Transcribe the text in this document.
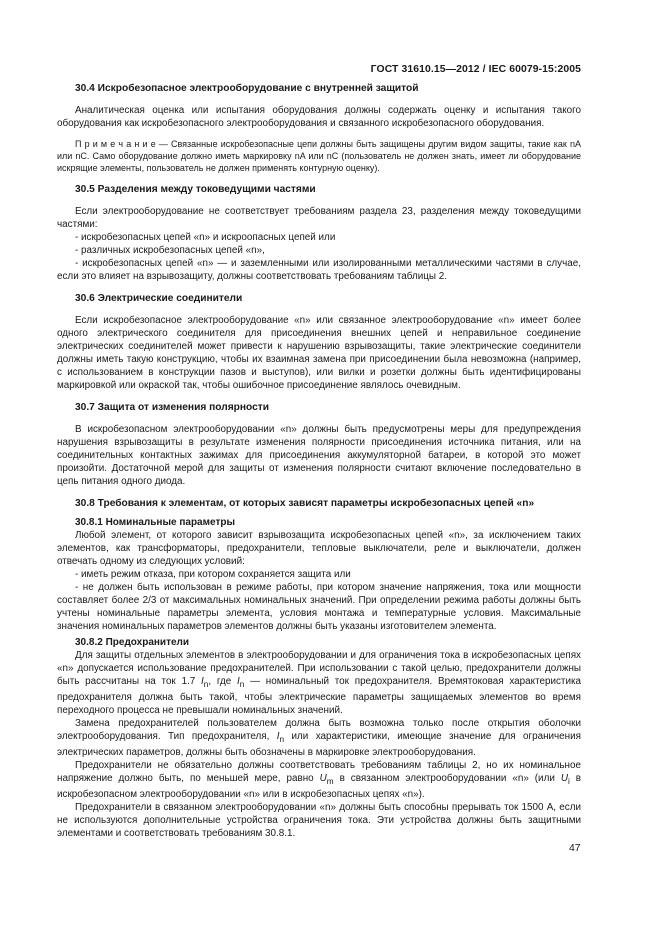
ГОСТ 31610.15—2012 / IEC 60079-15:2005
30.4 Искробезопасное электрооборудование с внутренней защитой

Аналитическая оценка или испытания оборудования должны содержать оценку и испытания такого оборудования как искробезопасного электрооборудования и связанного искробезопасного оборудования.

П р и м е ч а н и е — Связанные искробезопасные цепи должны быть защищены другим видом защиты, такие как nA или nC. Само оборудование должно иметь маркировку nA или nC (пользователь не должен знать, имеет ли оборудование искрящие элементы, пользователь не должен применять контурную оценку).

30.5 Разделения между токоведущими частями

Если электрооборудование не соответствует требованиям раздела 23, разделения между токоведущими частями:

- искробезопасных цепей «n» и искроопасных цепей или

- различных искробезопасных цепей «n»,

- искробезопасных цепей «n» — и заземленными или изолированными металлическими частями в случае, если это влияет на взрывозащиту, должны соответствовать требованиям таблицы 2.

30.6 Электрические соединители

Если искробезопасное электрооборудование «n» или связанное электрооборудование «n» имеет более одного электрического соединителя для присоединения внешних цепей и неправильное соединение электрических соединителей может привести к нарушению взрывозащиты, такие электрические соединители должны иметь такую конструкцию, чтобы их взаимная замена при присоединении была невозможна (например, с использованием в конструкции пазов и выступов), или вилки и розетки должны быть идентифицированы маркировкой или окраской так, чтобы ошибочное присоединение являлось очевидным.

30.7 Защита от изменения полярности

В искробезопасном электрооборудовании «n» должны быть предусмотрены меры для предупреждения нарушения взрывозащиты в результате изменения полярности присоединения источника питания, или на соединительных контактных зажимах для присоединения аккумуляторной батареи, в которой это может произойти. Достаточной мерой для защиты от изменения полярности считают включение последовательно в цепь питания одного диода.

30.8 Требования к элементам, от которых зависят параметры искробезопасных цепей «n»
30.8.1 Номинальные параметры

Любой элемент, от которого зависит взрывозащита искробезопасных цепей «n», за исключением таких элементов, как трансформаторы, предохранители, тепловые выключатели, реле и выключатели, должен отвечать одному из следующих условий:

- иметь режим отказа, при котором сохраняется защита или

- не должен быть использован в режиме работы, при котором значение напряжения, тока или мощности составляет более 2/3 от максимальных номинальных значений. При определении режима работы должны быть учтены номинальные параметры элемента, условия монтажа и температурные условия. Максимальные значения номинальных параметров элементов должны быть указаны изготовителем элемента.

30.8.2 Предохранители

Для защиты отдельных элементов в электрооборудовании и для ограничения тока в искробезопасных цепях «n» допускается использование предохранителей. При использовании с такой целью, предохранители должны быть рассчитаны на ток 1.7 $I_n$, где $I_n$ — номинальный ток предохранителя. Времятоковая характеристика предохранителя должна быть такой, чтобы электрические параметры защищаемых элементов во время переходного процесса не превышали номинальных значений.

Замена предохранителей пользователем должна быть возможна только после открытия оболочки электрооборудования. Тип предохранителя, $I_n$ или характеристики, имеющие значение для ограничения электрических параметров, должны быть обозначены в маркировке электрооборудования.

Предохранители не обязательно должны соответствовать требованиям таблицы 2, но их номинальное напряжение должно быть, по меньшей мере, равно $U_m$ в связанном электрооборудовании «n» (или $U_i$ в искробезопасном электрооборудовании «n» или в искробезопасных цепях «n»).

Предохранители в связанном электрооборудовании «n» должны быть способны прерывать ток 1500 А, если не используются дополнительные устройства ограничения тока. Эти устройства должны быть защитными элементами и соответствовать требованиям 30.8.1.

47
